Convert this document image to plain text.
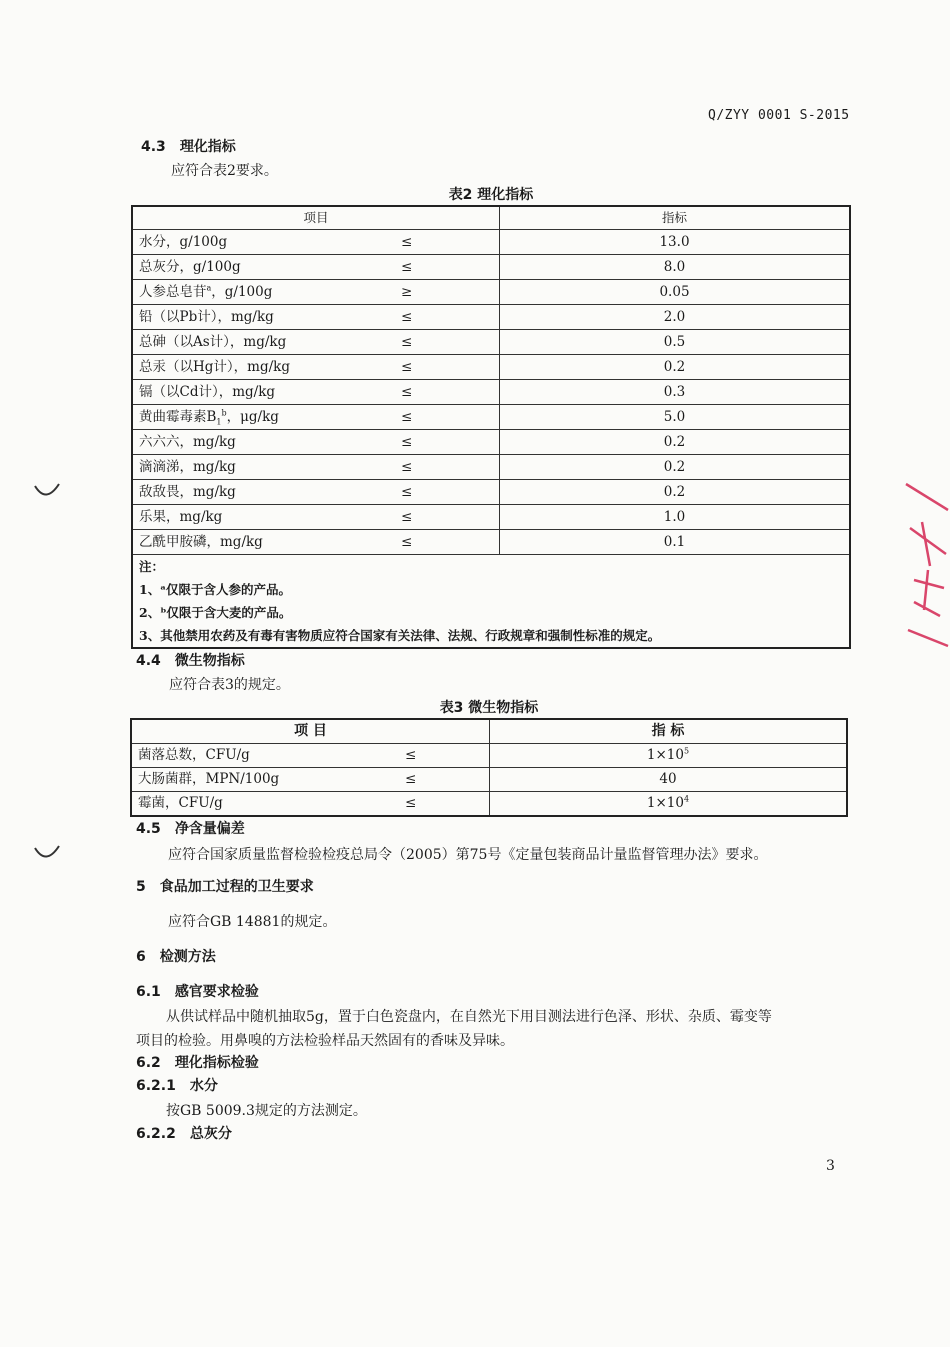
Q/ZYY 0001 S-2015
4.3 理化指标
应符合表2要求。
表2 理化指标
项目		指标
水分，g/100g	≤	13.0
总灰分，g/100g	≤	8.0
人参总皂苷$^a$，g/100g	≥	0.05
铅（以Pb计），mg/kg	≤	2.0
总砷（以As计），mg/kg	≤	0.5
总汞（以Hg计），mg/kg	≤	0.2
镉（以Cd计），mg/kg	≤	0.3
黄曲霉毒素$B_1^b$，μg/kg	≤	5.0
六六六，mg/kg	≤	0.2
滴滴涕，mg/kg	≤	0.2
敌敌畏，mg/kg	≤	0.2
乐果，mg/kg	≤	1.0
乙酰甲胺磷，mg/kg	≤	0.1
注：		
1、ᵃ仅限于含人参的产品。		
2、ᵇ仅限于含大麦的产品。		
3、其他禁用农药及有毒有害物质应符合国家有关法律、法规、行政规章和强制性标准的规定。		
4.4 微生物指标
应符合表3的规定。
表3 微生物指标
项 目		指 标
菌落总数，CFU/g	≤	$1\times 10^5$
大肠菌群，MPN/100g	≤	40
霉菌，CFU/g	≤	$1\times 10^4$
4.5 净含量偏差
应符合国家质量监督检验检疫总局令（2005）第75号《定量包装商品计量监督管理办法》要求。
5 食品加工过程的卫生要求
应符合GB 14881的规定。
6 检测方法
6.1 感官要求检验
从供试样品中随机抽取5g，置于白色瓷盘内，在自然光下用目测法进行色泽、形状、杂质、霉变等
项目的检验。用鼻嗅的方法检验样品天然固有的香味及异味。
6.2 理化指标检验
6.2.1 水分
按GB 5009.3规定的方法测定。
6.2.2 总灰分
3
